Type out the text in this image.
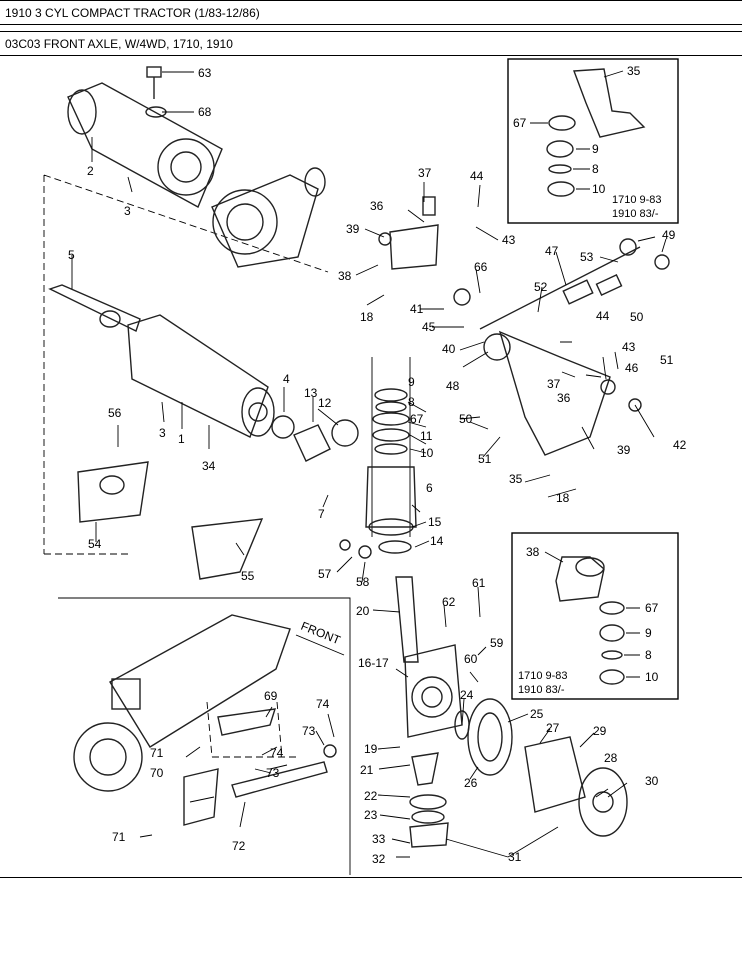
1910 3 CYL COMPACT TRACTOR (1/83-12/86)
03C03 FRONT AXLE, W/4WD, 1710, 1910
63
68
2
3
5
1
4
13
12
3
34
56
54
55
37
36
39
38
18
44
43
47
66
49
53
52
41
45
40
48
50
51
44
43
37
36
46
39	42
18
35
9
8
67
11
10
6
7
15
14
57
58
20
62
61
59
60
16-17
24
25
27	29
28
30
19
21
26
22
23
31
33
32
69
74
73
71
70
71
72
73
74
50
51
FRONT
35
67
9
8
10
1710 9-83
1910 83/-
38
67
9
8
10
1710 9-83
1910 83/-
